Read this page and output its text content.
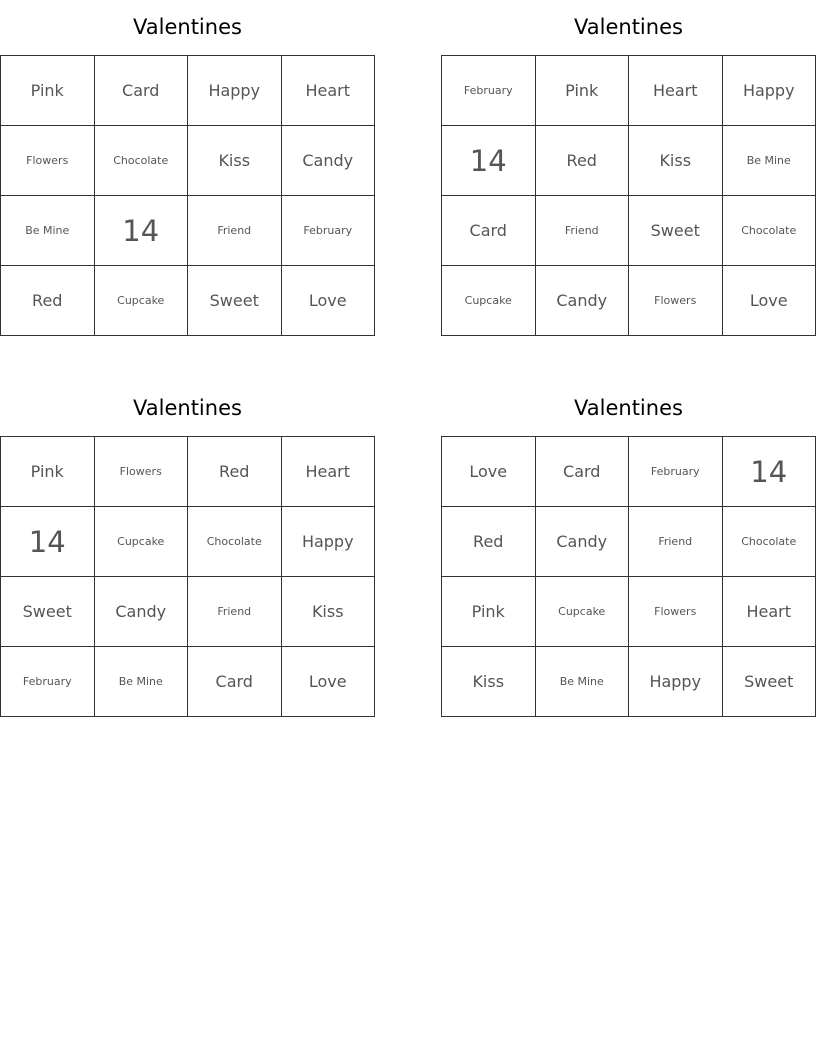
Valentines
Pink	Card	Happy	Heart
Flowers	Chocolate	Kiss	Candy
Be Mine	14	Friend	February
Red	Cupcake	Sweet	Love
Valentines
February	Pink	Heart	Happy
14	Red	Kiss	Be Mine
Card	Friend	Sweet	Chocolate
Cupcake	Candy	Flowers	Love
Valentines
Pink	Flowers	Red	Heart
14	Cupcake	Chocolate	Happy
Sweet	Candy	Friend	Kiss
February	Be Mine	Card	Love
Valentines
Love	Card	February	14
Red	Candy	Friend	Chocolate
Pink	Cupcake	Flowers	Heart
Kiss	Be Mine	Happy	Sweet
